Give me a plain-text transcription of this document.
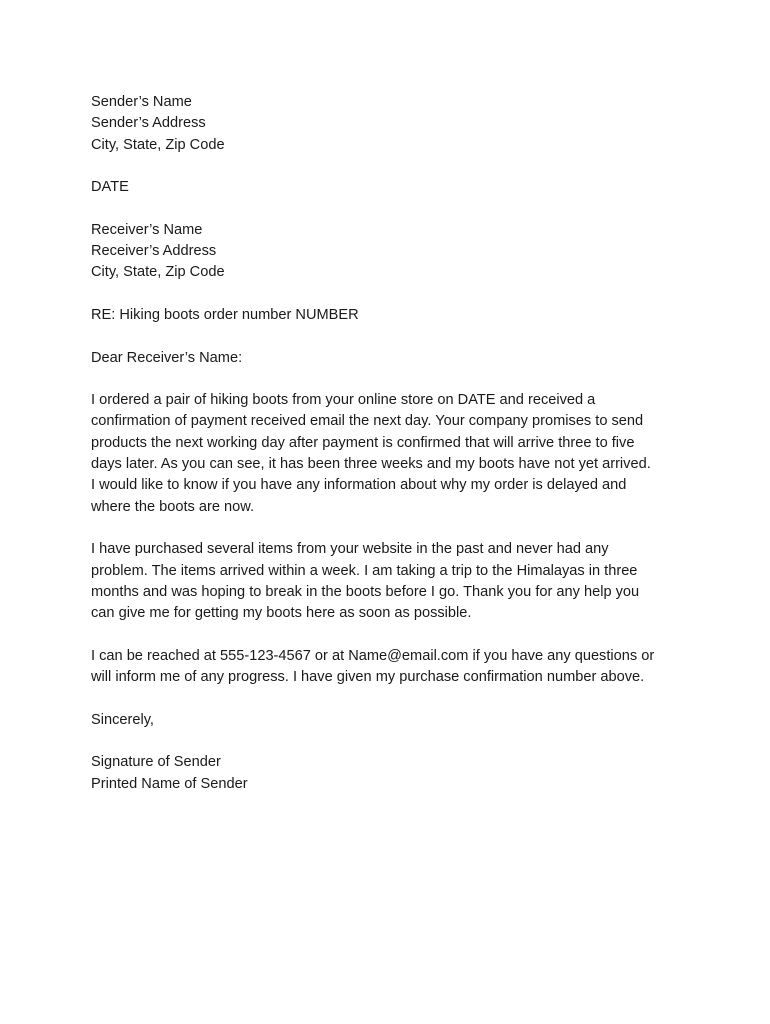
Sender’s Name
Sender’s Address
City, State, Zip Code
DATE
Receiver’s Name
Receiver’s Address
City, State, Zip Code
RE: Hiking boots order number NUMBER
Dear Receiver’s Name:
I ordered a pair of hiking boots from your online store on DATE and received a
confirmation of payment received email the next day. Your company promises to send
products the next working day after payment is confirmed that will arrive three to five
days later. As you can see, it has been three weeks and my boots have not yet arrived.
I would like to know if you have any information about why my order is delayed and
where the boots are now.
I have purchased several items from your website in the past and never had any
problem. The items arrived within a week. I am taking a trip to the Himalayas in three
months and was hoping to break in the boots before I go. Thank you for any help you
can give me for getting my boots here as soon as possible.
I can be reached at 555-123-4567 or at Name@email.com if you have any questions or
will inform me of any progress. I have given my purchase confirmation number above.
Sincerely,
Signature of Sender
Printed Name of Sender
